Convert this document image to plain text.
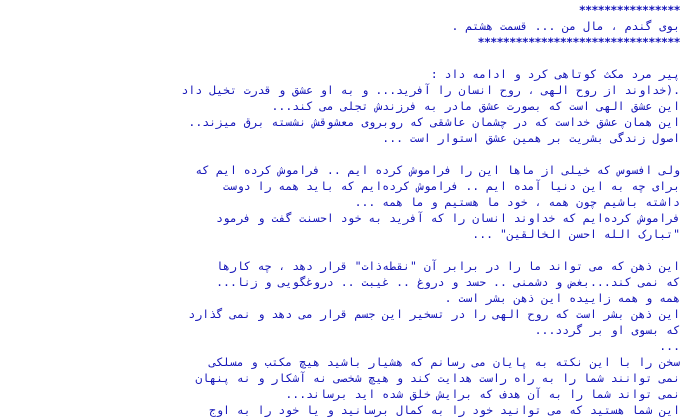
****************
بوی گندم ، مال من ... قسمت هشتم .
********************************
پیر مرد مکث کوتاهی کرد و ادامه داد :
.(خداوند از روح الهی ، روح انسان را آفرید... و به او عشق و قدرت تخیل داد
این عشق الهی است که بصورت عشق مادر به فرزندش تجلی می کند...
این همان عشق خداست که در چشمان عاشقی که روبروی معشوقش نشسته برق میزند..
اصول زندگی بشریت بر همین عشق استوار است ...
ولی افسوس که خیلی از ماها این را فراموش کرده ایم .. فراموش کرده ایم که
برای چه به این دنیا آمده ایم .. فراموش کرده‌ایم که باید همه را دوست
داشته باشیم چون همه ، خود ما هستیم و ما همه ...
فراموش کرده‌ایم که خداوند انسان را که آفرید به خود احسنت گفت و فرمود
"تبارک الله احسن الخالقین" ...
این ذهن که می تواند ما را در برابر آن "نقطه‌ذات" قرار دهد ، چه کارها
که نمی کند...بغض و دشمنی .. حسد و دروغ .. غیبت .. دروغگویی و زنا...
همه و همه زاییده این ذهن بشر است .
این ذهن بشر است که روح الهی را در تسخیر این جسم قرار می دهد و نمی گذارد
که بسوی او بر گردد...
...
سخن را با این نکته به پایان می رسانم که هشیار باشید هیچ مکتب و مسلکی
نمی توانند شما را به راه راست هدایت کند و هیچ شخصی نه آشکار و نه پنهان
نمی تواند شما را به آن هدف که برایش خلق شده اید برساند...
این شما هستید که می توانید خود را به کمال برسانید و یا خود را به اوج
